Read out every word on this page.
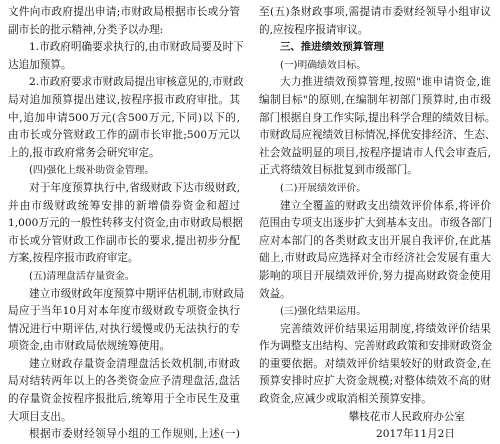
文件向市政府提出申请;市财政局根据市长或分管
副市长的批示精神,分类予以办理:
1.市政府明确要求执行的,由市财政局要及时下
达追加预算。
2.市政府要求市财政局提出审核意见的,市财政
局对追加预算提出建议,按程序报市政府审批。其
中,追加申请500万元(含500万元,下同)以下的,
由市长或分管财政工作的副市长审批;500万元以
上的,报市政府常务会研究审定。
(四)强化上级补助资金管理。
对于年度预算执行中,省级财政下达市级财政,
并由市级财政统筹安排的新增债券资金和超过
1,000万元的一般性转移支付资金,由市财政局根据
市长或分管财政工作副市长的要求,提出初步分配
方案,按程序报市政府审定。
(五)清理盘活存量资金。
建立市级财政年度预算中期评估机制,市财政局
局应于当年10月对本年度市级财政专项资金执行
情况进行中期评估,对执行缓慢或仍无法执行的专
项资金,由市财政局依规统筹使用。
建立财政存量资金清理盘活长效机制,市财政
局对结转两年以上的各类资金应予清理盘活,盘活
的存量资金按程序报批后,统筹用于全市民生及重
大项目支出。
根据市委财经领导小组的工作规则,上述(一)
至(五)条财政事项,需提请市委财经领导小组审议
的,应按程序报请审议。
三、推进绩效预算管理
(一)明确绩效目标。
大力推进绩效预算管理,按照"谁申请资金,谁
编制目标"的原则,在编制年初部门预算时,由市级
部门根据自身工作实际,提出科学合理的绩效目标。
市财政局应视绩效目标情况,择优安排经济、生态、
社会效益明显的项目,按程序提请市人代会审查后,
正式将绩效目标批复到市级部门。
(二)开展绩效评价。
建立全覆盖的财政支出绩效评价体系,将评价
范围由专项支出逐步扩大到基本支出。市级各部门
应对本部门的各类财政支出开展自我评价,在此基
础上,市财政局应选择对全市经济社会发展有重大
影响的项目开展绩效评价,努力提高财政资金使用
效益。
(三)强化结果运用。
完善绩效评价结果运用制度,将绩效评价结果
作为调整支出结构、完善财政政策和安排财政资金
的重要依据。对绩效评价结果较好的财政资金,在
预算安排时应扩大资金规模;对整体绩效不高的财
政资金,应减少或取消相关预算安排。
攀枝花市人民政府办公室
2017年11月2日
